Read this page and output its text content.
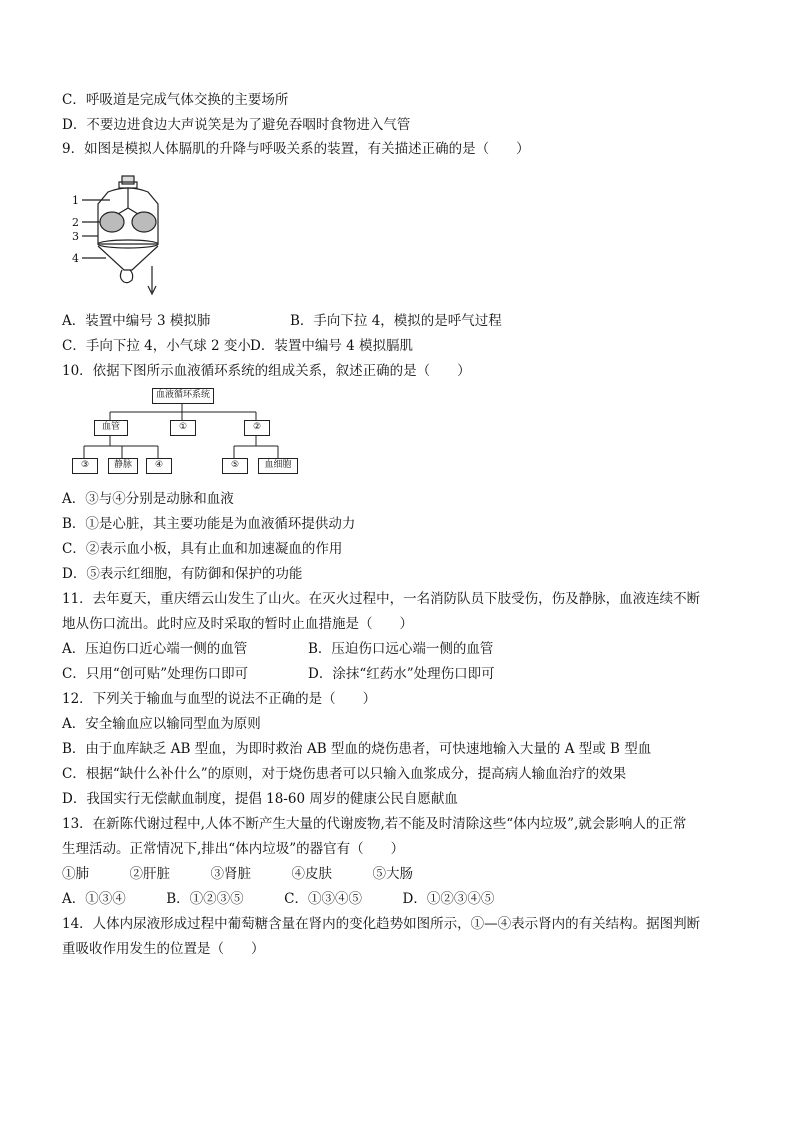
C．呼吸道是完成气体交换的主要场所
D．不要边进食边大声说笑是为了避免吞咽时食物进入气管
9．如图是模拟人体膈肌的升降与呼吸关系的装置，有关描述正确的是（　　）
1
2
3
4
A．装置中编号 3 模拟肺	B．手向下拉 4，模拟的是呼气过程
C．手向下拉 4，小气球 2 变小 D．装置中编号 4 模拟膈肌
10．依据下图所示血液循环系统的组成关系，叙述正确的是（　　）
血液循环系统
血管	①	②
③	静脉	④	⑤	血细胞
A．③与④分别是动脉和血液
B．①是心脏，其主要功能是为血液循环提供动力
C．②表示血小板，具有止血和加速凝血的作用
D．⑤表示红细胞，有防御和保护的功能
11．去年夏天，重庆缙云山发生了山火。在灭火过程中，一名消防队员下肢受伤，伤及静脉，血液连续不断
地从伤口流出。此时应及时采取的暂时止血措施是（　　）
A．压迫伤口近心端一侧的血管	B．压迫伤口远心端一侧的血管
C．只用“创可贴”处理伤口即可	D．涂抹“红药水”处理伤口即可
12．下列关于输血与血型的说法不正确的是（　　）
A．安全输血应以输同型血为原则
B．由于血库缺乏 AB 型血，为即时救治 AB 型血的烧伤患者，可快速地输入大量的 A 型或 B 型血
C．根据“缺什么补什么”的原则，对于烧伤患者可以只输入血浆成分，提高病人输血治疗的效果
D．我国实行无偿献血制度，提倡 18-60 周岁的健康公民自愿献血
13．在新陈代谢过程中,人体不断产生大量的代谢废物,若不能及时清除这些“体内垃圾”,就会影响人的正常
生理活动。正常情况下,排出“体内垃圾”的器官有（　　）
①肺　　　②肝脏　　　③肾脏　　　④皮肤　　　⑤大肠
A．①③④　　　B．①②③⑤　　　C．①③④⑤　　　D．①②③④⑤
14．人体内尿液形成过程中葡萄糖含量在肾内的变化趋势如图所示，①—④表示肾内的有关结构。据图判断
重吸收作用发生的位置是（　　）
